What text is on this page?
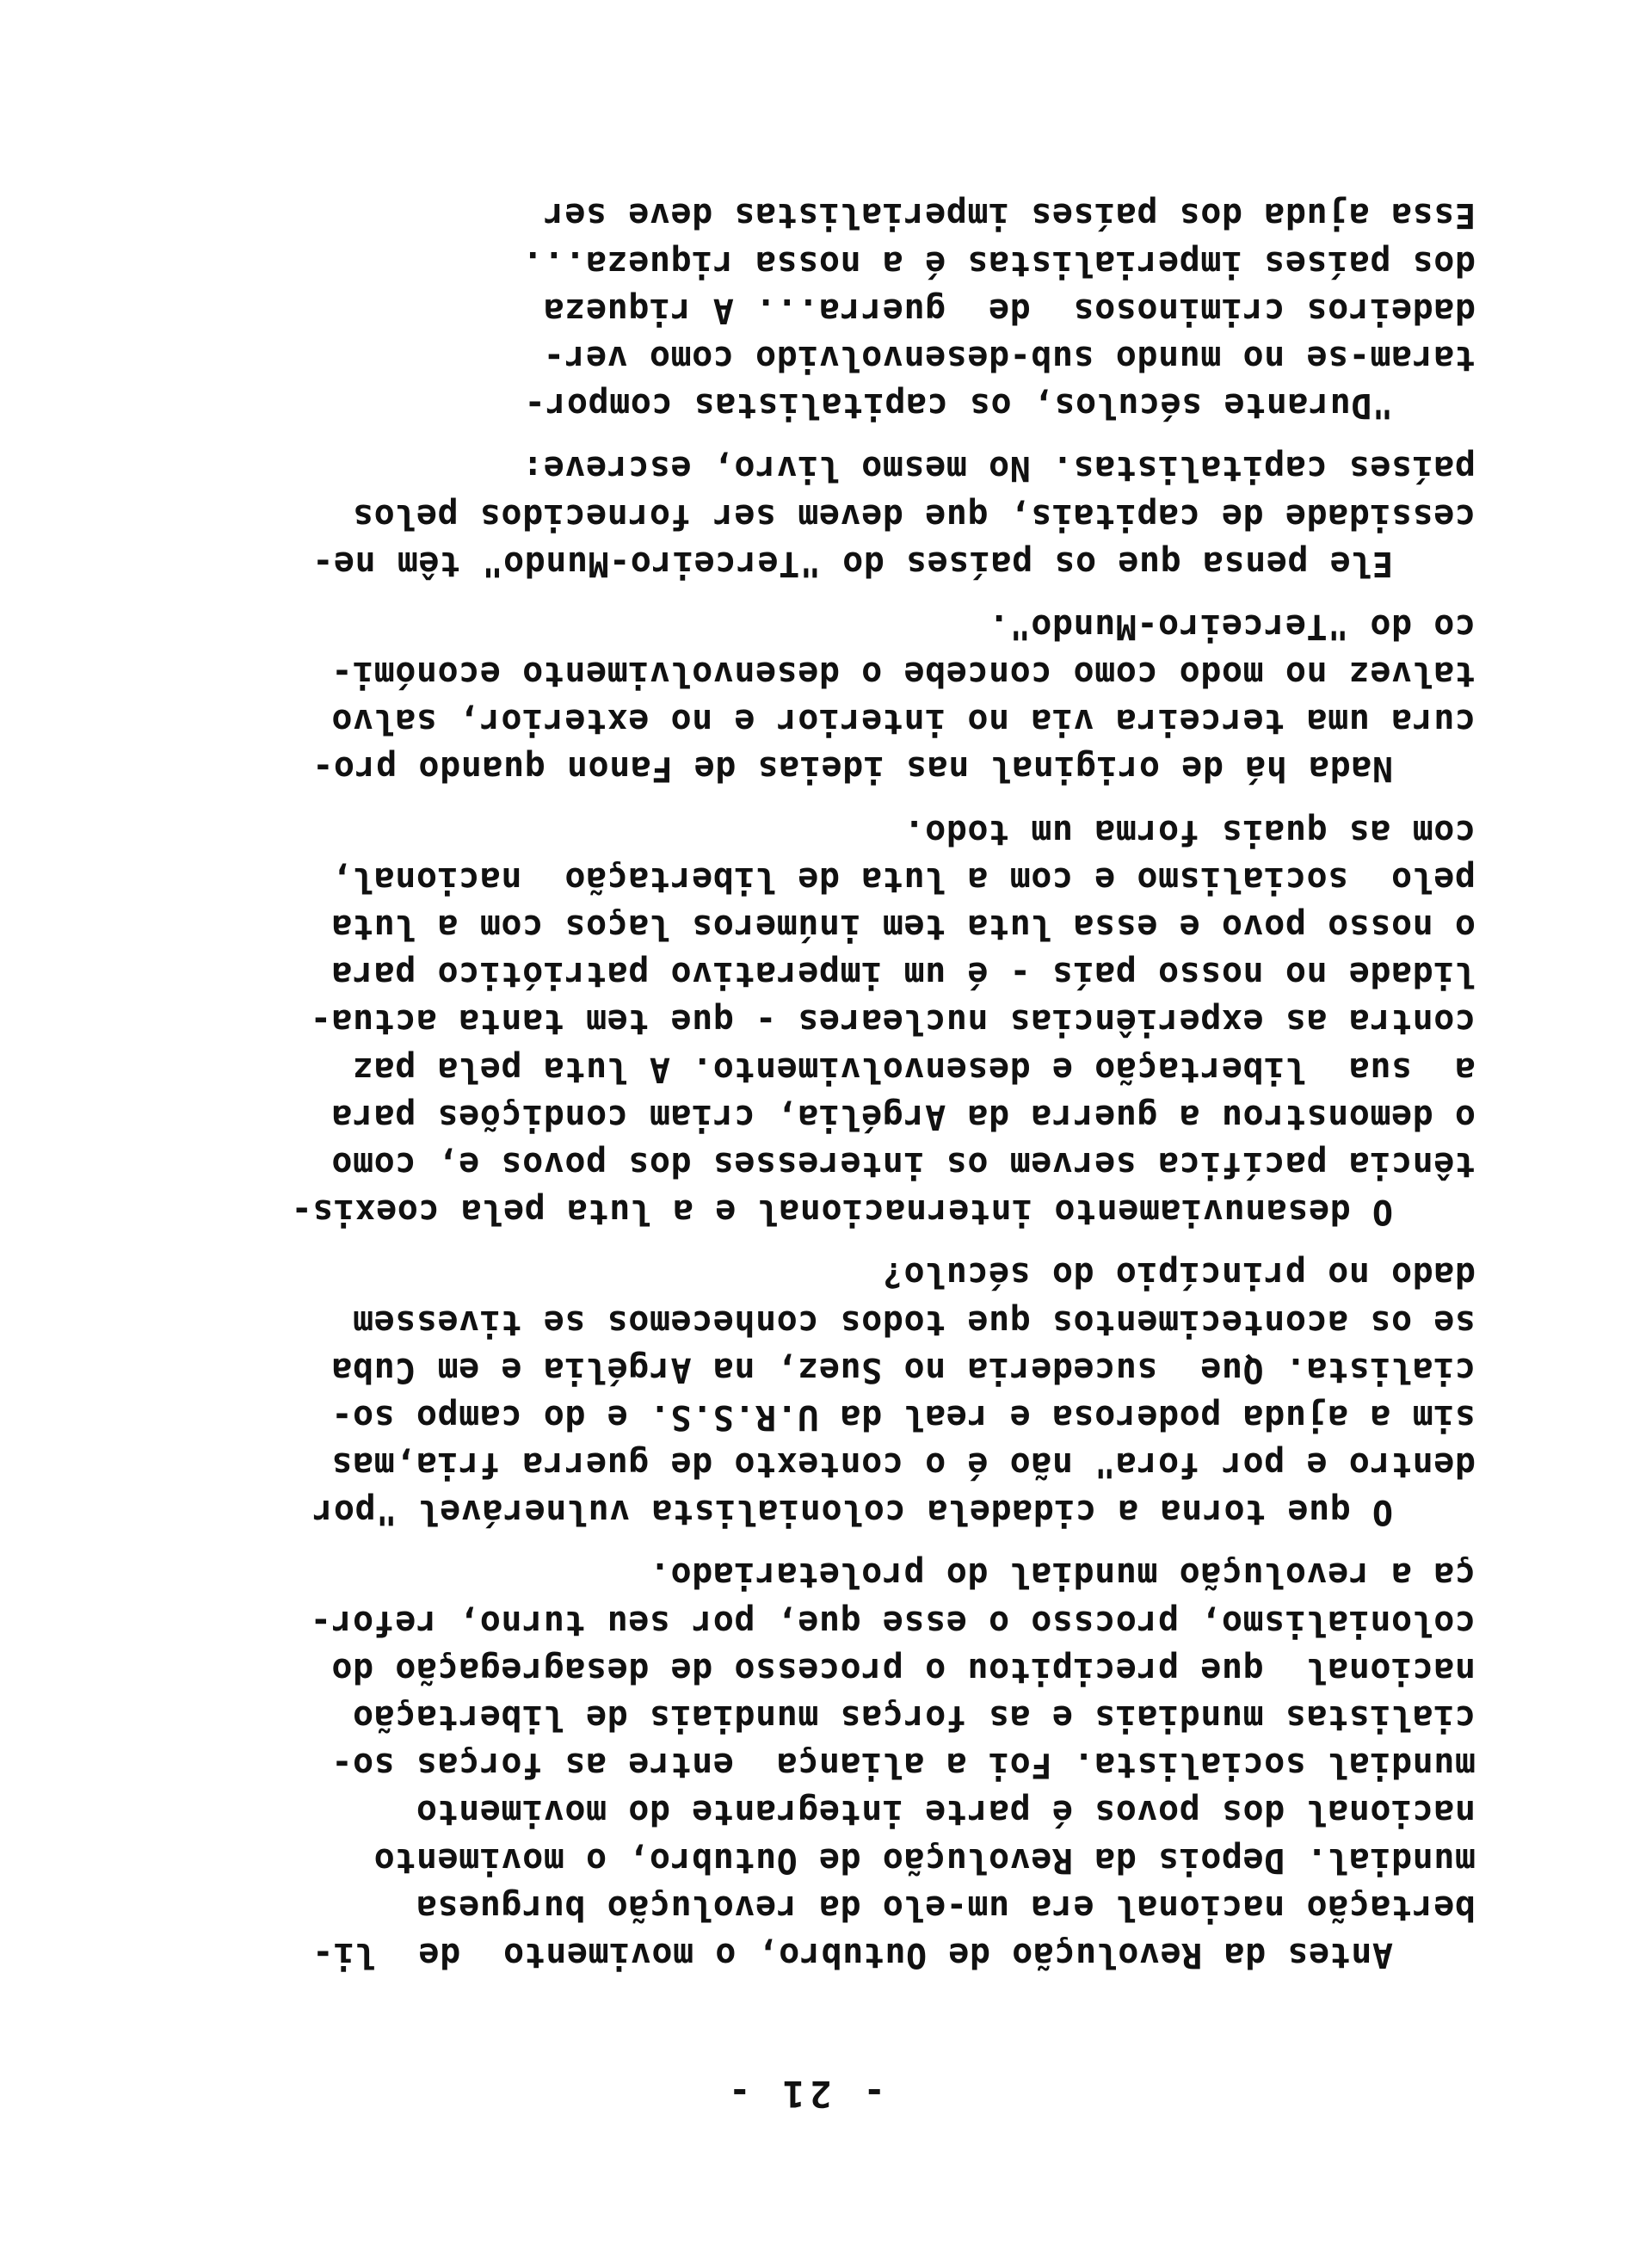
- 21 -
Antes da Revolução de Outubro, o movimento  de  li-
bertação nacional era um-elo da revolução burguesa
mundial. Depois da Revolução de Outubro, o movimento
nacional dos povos é parte integrante do movimento
mundial socialista. Foi a aliança  entre as forças so-
cialistas mundiais e as forças mundiais de libertação
nacional  que precipitou o processo de desagregação do
colonialismo, procsso o esse que, por seu turno, refor-
ça a revolução mundial do proletariado.
O que torna a cidadela colonialista vulnerável "por
dentro e por fora" não é o contexto de guerra fria,mas
sim a ajuda poderosa e real da U.R.S.S. e do campo so-
cialista. Que  sucederia no Suez, na Argélia e em Cuba
se os acontecimentos que todos conhecemos se tivessem
dado no princípio do século?
O desanuviamento internacional e a luta pela coexis-
tência pacífica servem os interesses dos povos e, como
o demonstrou a guerra da Argélia, criam condições para
a  sua  libertação e desenvolvimento. A luta pela paz
contra as experiências nucleares - que tem tanta actua-
lidade no nosso país - é um imperativo patriótico para
o nosso povo e essa luta tem inúmeros laços com a luta
pelo  socialismo e com a luta de libertação  nacional,
com as quais forma um todo.
Nada há de original nas ideias de Fanon quando pro-
cura uma terceira via no interior e no exterior, salvo
talvez no modo como concebe o desenvolvimento económi-
co do "Terceiro-Mundo".
Ele pensa que os países do "Terceiro-Mundo" têm ne-
cessidade de capitais, que devem ser fornecidos pelos
países capitalistas. No mesmo livro, escreve:
"Durante séculos, os capitalistas compor-
taram-se no mundo sub-desenvolvido como ver-
dadeiros criminosos  de  guerra... A riqueza
dos países imperialistas é a nossa riqueza...
Essa ajuda dos países imperialistas deve ser
